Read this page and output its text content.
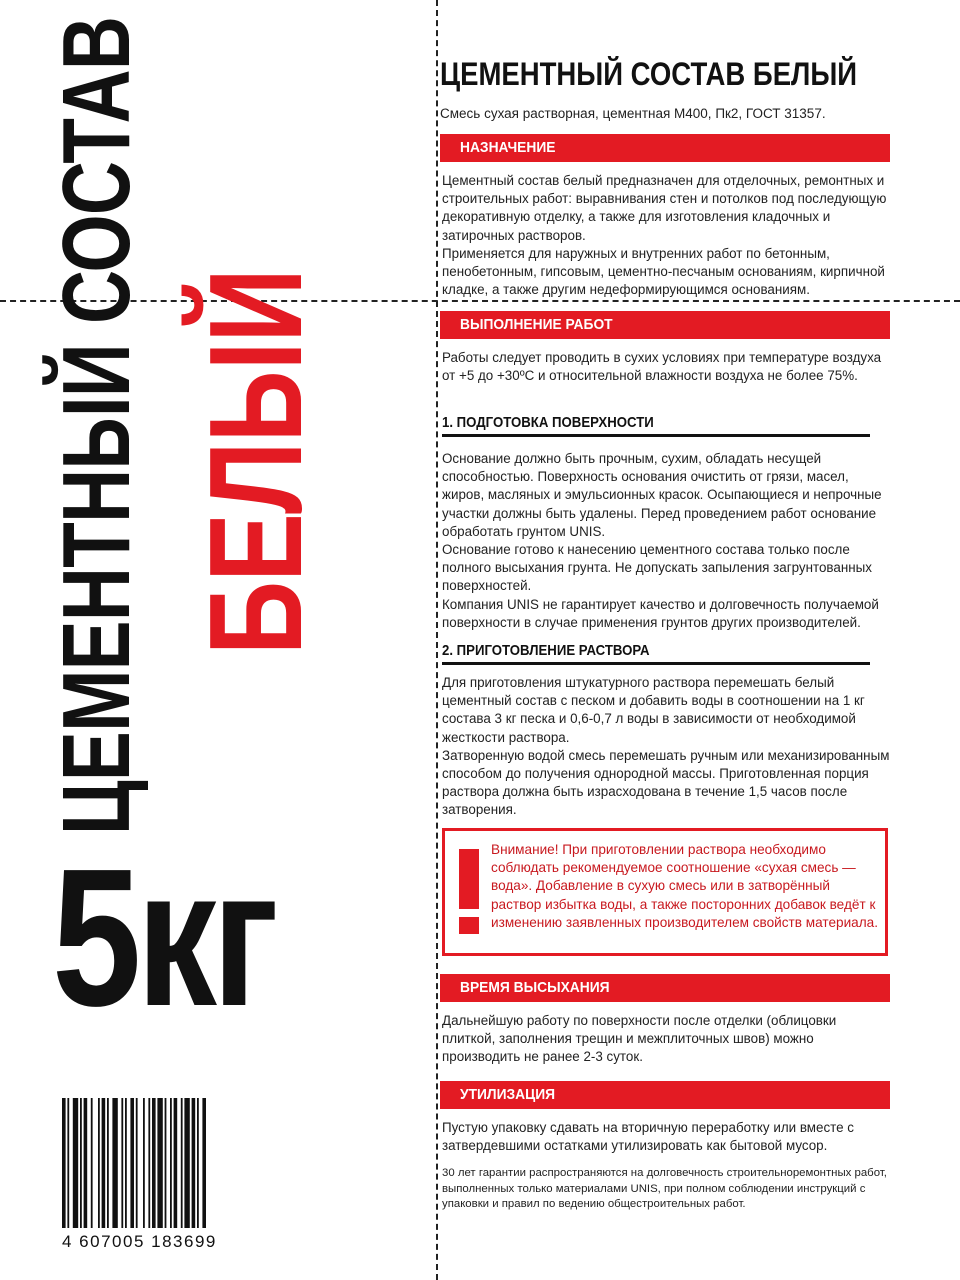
ЦЕМЕНТНЫЙ СОСТАВ БЕЛЫЙ
5кг
4 607005 183699
ЦЕМЕНТНЫЙ СОСТАВ БЕЛЫЙ
Смесь сухая растворная, цементная М400, Пк2, ГОСТ 31357.
НАЗНАЧЕНИЕ

Цементный состав белый предназначен для отделочных, ремонтных и строительных работ: выравнивания стен и потолков под последующую декоративную отделку, а также для изготовления кладочных и затирочных растворов.

Применяется для наружных и внутренних работ по бетонным, пенобетонным, гипсовым, цементно-песчаным основаниям, кирпичной кладке, а также другим недеформирующимся основаниям.

ВЫПОЛНЕНИЕ РАБОТ

Работы следует проводить в сухих условиях при температуре воздуха от +5 до +30ºС и относительной влажности воздуха не более 75%.

1. ПОДГОТОВКА ПОВЕРХНОСТИ

Основание должно быть прочным, сухим, обладать несущей способностью. Поверхность основания очистить от грязи, масел, жиров, масляных и эмульсионных красок. Осыпающиеся и непрочные участки должны быть удалены. Перед проведением работ основание обработать грунтом UNIS.

Основание готово к нанесению цементного состава только после полного высыхания грунта. Не допускать запыления загрунтованных поверхностей.

Компания UNIS не гарантирует качество и долговечность получаемой поверхности в случае применения грунтов других производителей.

2. ПРИГОТОВЛЕНИЕ РАСТВОРА

Для приготовления штукатурного раствора перемешать белый цементный состав с песком и добавить воды в соотношении на 1 кг состава 3 кг песка и 0,6-0,7 л воды в зависимости от необходимой жесткости раствора.

Затворенную водой смесь перемешать ручным или механизированным способом до получения однородной массы. Приготовленная порция раствора должна быть израсходована в течение 1,5 часов после затворения.

Внимание! При приготовлении раствора необходимо соблюдать рекомендуемое соотношение «сухая смесь — вода». Добавление в сухую смесь или в затворённый раствор избытка воды, а также посторонних добавок ведёт к изменению заявленных производителем свойств материала.
ВРЕМЯ ВЫСЫХАНИЯ

Дальнейшую работу по поверхности после отделки (облицовки плиткой, заполнения трещин и межплиточных швов) можно производить не ранее 2-3 суток.

УТИЛИЗАЦИЯ

Пустую упаковку сдавать на вторичную переработку или вместе с затвердевшими остатками утилизировать как бытовой мусор.

30 лет гарантии распространяются на долговечность строительноремонтных работ, выполненных только материалами UNIS, при полном соблюдении инструкций с упаковки и правил по ведению общестроительных работ.
